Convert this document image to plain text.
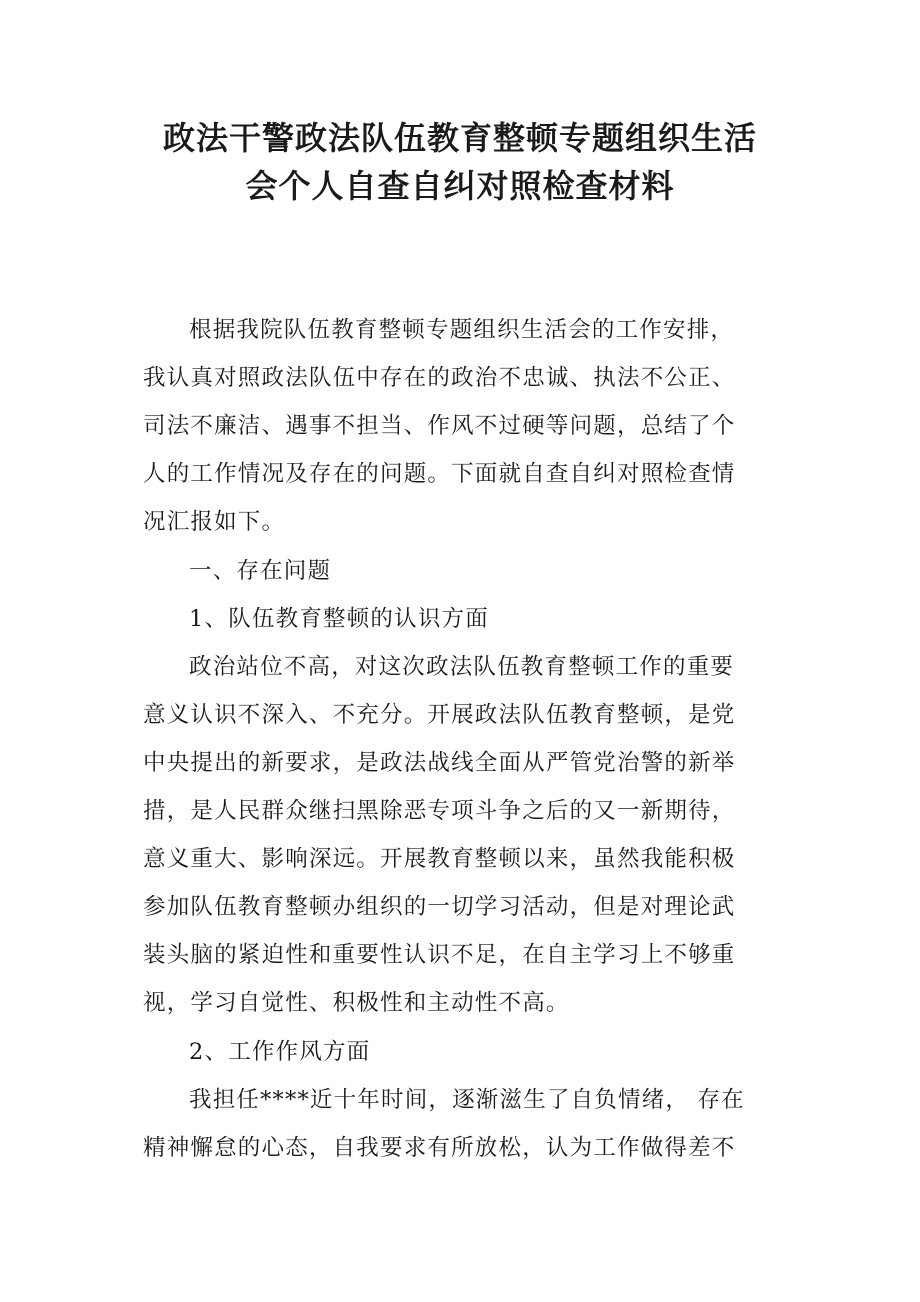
政法干警政法队伍教育整顿专题组织生活
会个人自查自纠对照检查材料

根据我院队伍教育整顿专题组织生活会的工作安排，

我认真对照政法队伍中存在的政治不忠诚、执法不公正、

司法不廉洁、遇事不担当、作风不过硬等问题，总结了个

人的工作情况及存在的问题。下面就自查自纠对照检查情

况汇报如下。

一、存在问题

1、队伍教育整顿的认识方面

政治站位不高，对这次政法队伍教育整顿工作的重要

意义认识不深入、不充分。开展政法队伍教育整顿，是党

中央提出的新要求，是政法战线全面从严管党治警的新举

措，是人民群众继扫黑除恶专项斗争之后的又一新期待，

意义重大、影响深远。开展教育整顿以来，虽然我能积极

参加队伍教育整顿办组织的一切学习活动，但是对理论武

装头脑的紧迫性和重要性认识不足，在自主学习上不够重

视，学习自觉性、积极性和主动性不高。

2、工作作风方面

我担任****近十年时间，逐渐滋生了自负情绪， 存在

精神懈怠的心态，自我要求有所放松，认为工作做得差不
